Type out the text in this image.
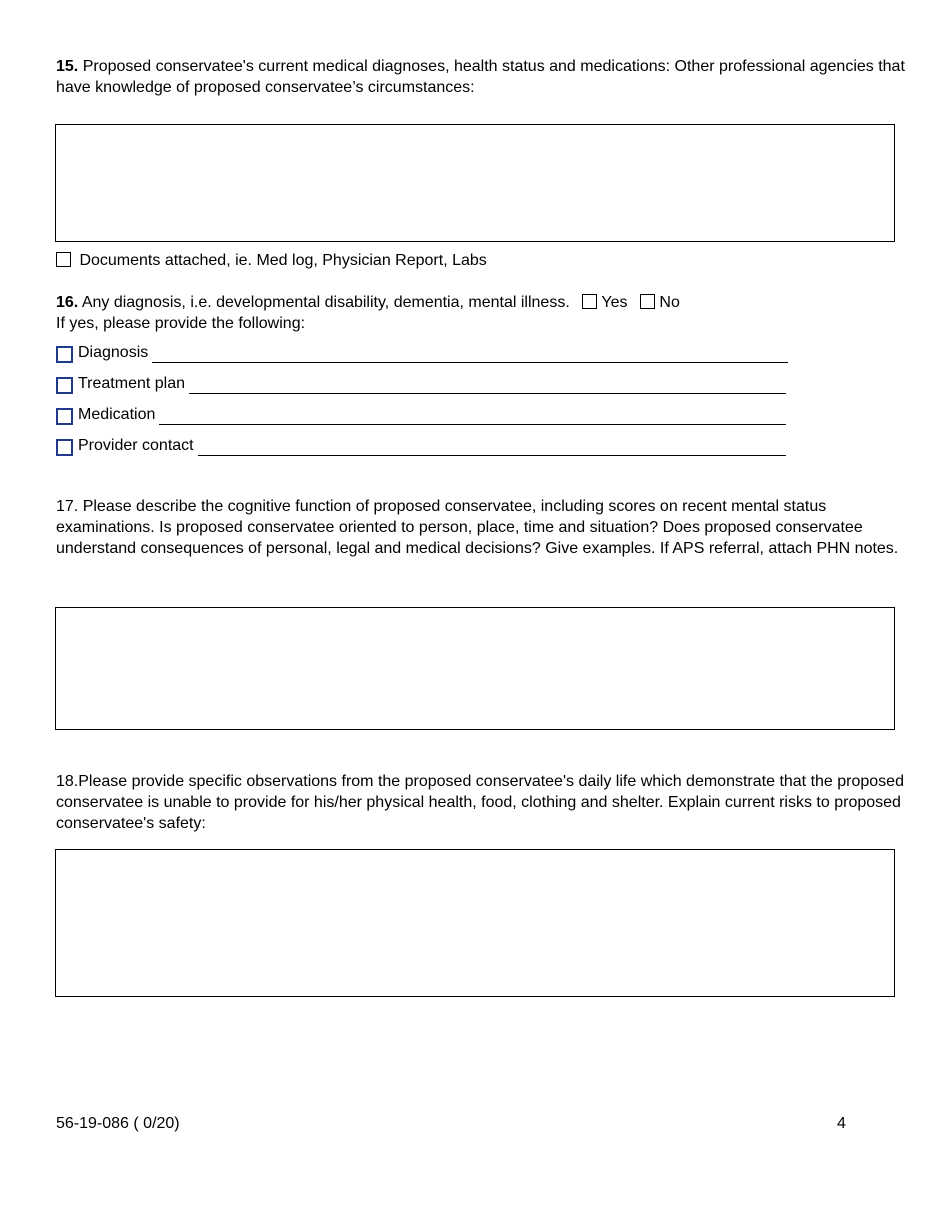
15. Proposed conservatee's current medical diagnoses, health status and medications: Other professional agencies that have knowledge of proposed conservatee’s circumstances:
Documents attached, ie. Med log, Physician Report, Labs
16. Any diagnosis, i.e. developmental disability, dementia, mental illness. Yes No
If yes, please provide the following:
Diagnosis
Treatment plan
Medication
Provider contact
17. Please describe the cognitive function of proposed conservatee, including scores on recent mental status examinations. Is proposed conservatee oriented to person, place, time and situation? Does proposed conservatee understand consequences of personal, legal and medical decisions? Give examples. If APS referral, attach PHN notes.
18.Please provide specific observations from the proposed conservatee's daily life which demonstrate that the proposed conservatee is unable to provide for his/her physical health, food, clothing and shelter. Explain current risks to proposed conservatee's safety:
56-19-086 ( 0/20)	4
